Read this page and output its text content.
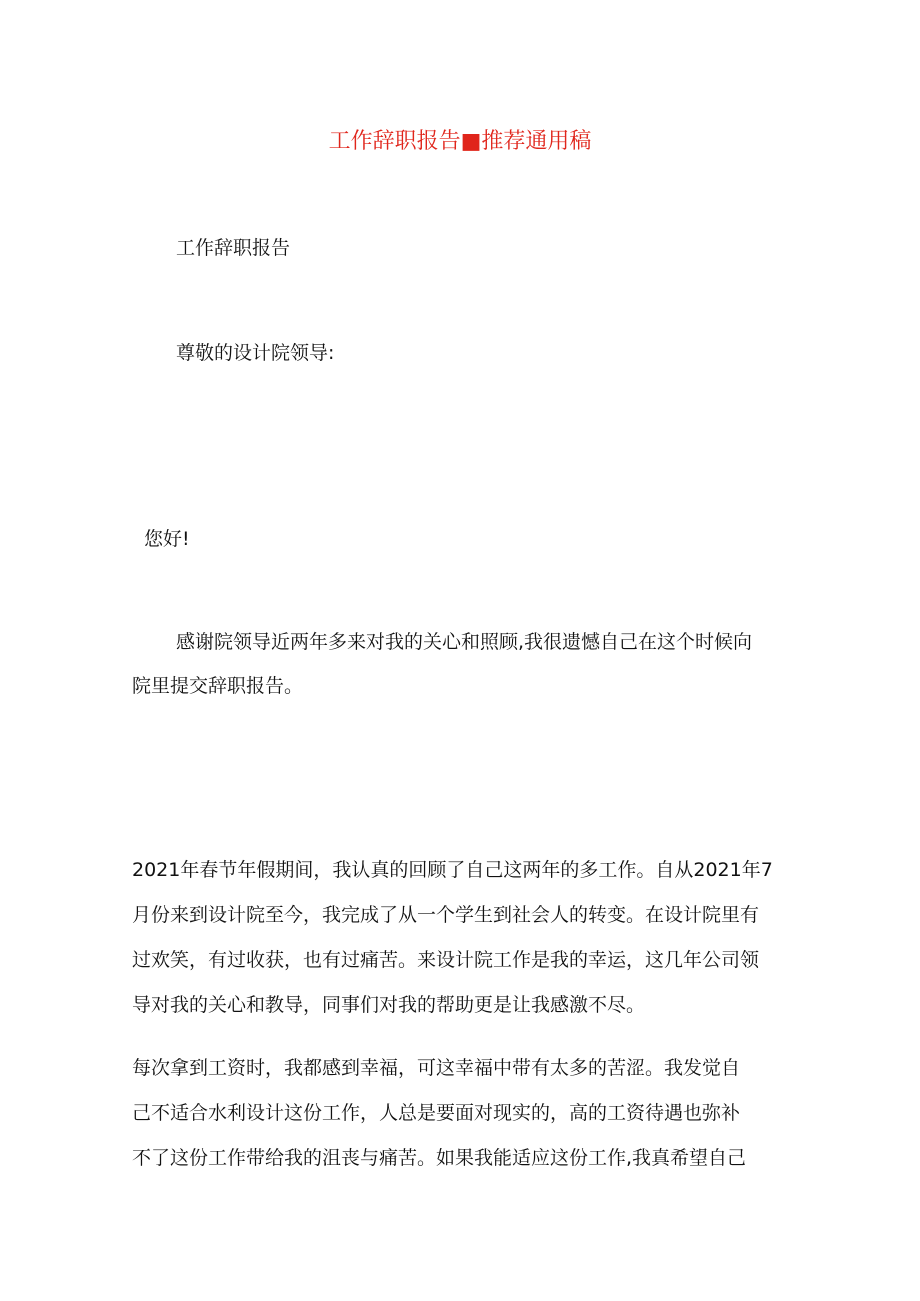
工作辞职报告■推荐通用稿
工作辞职报告
尊敬的设计院领导:
您好!
感谢院领导近两年多来对我的关心和照顾,我很遗憾自己在这个时候向
院里提交辞职报告。
2021年春节年假期间，我认真的回顾了自己这两年的多工作。自从2021年7
月份来到设计院至今，我完成了从一个学生到社会人的转变。在设计院里有
过欢笑，有过收获，也有过痛苦。来设计院工作是我的幸运，这几年公司领
导对我的关心和教导，同事们对我的帮助更是让我感激不尽。
每次拿到工资时，我都感到幸福，可这幸福中带有太多的苦涩。我发觉自
己不适合水利设计这份工作，人总是要面对现实的，高的工资待遇也弥补
不了这份工作带给我的沮丧与痛苦。如果我能适应这份工作,我真希望自己
